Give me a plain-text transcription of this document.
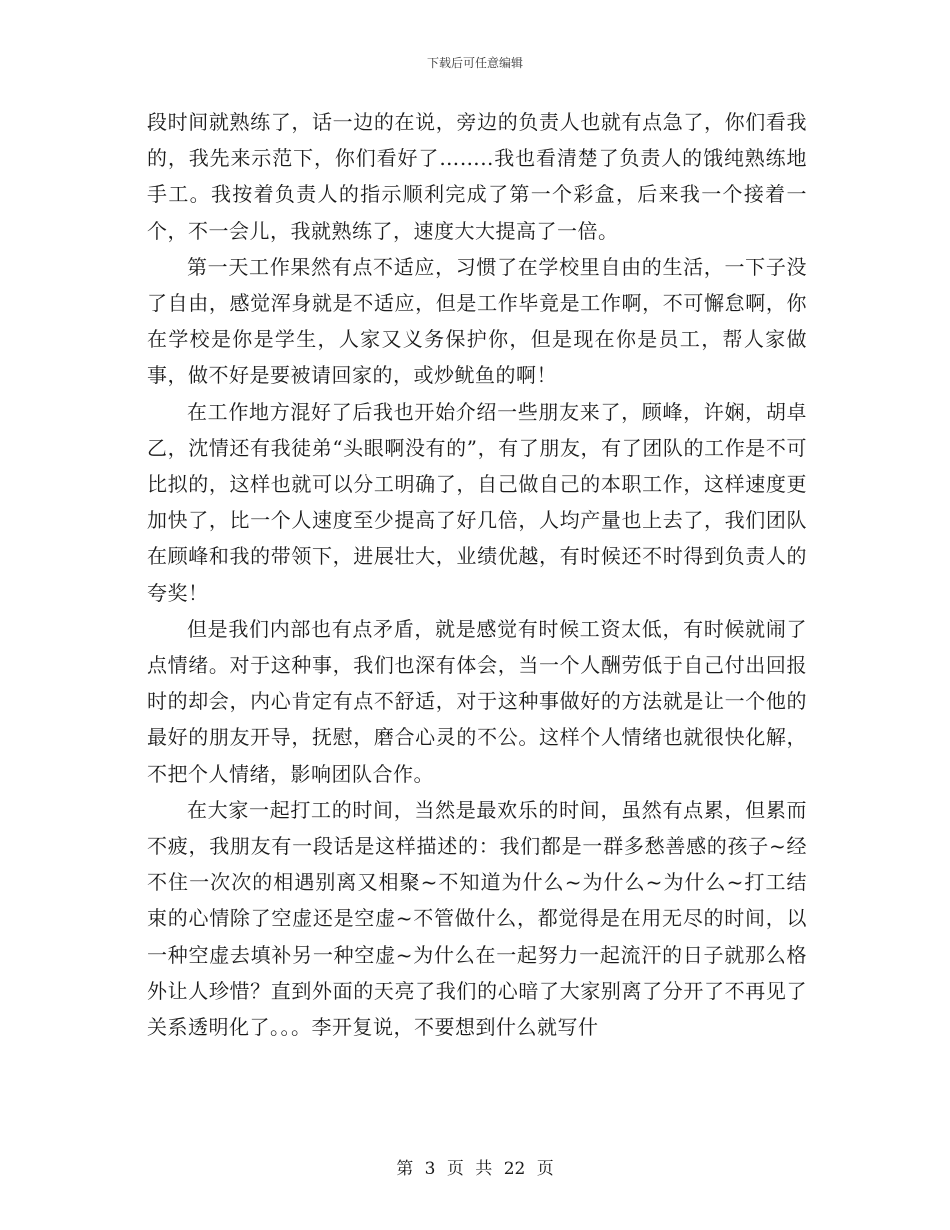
下载后可任意编辑

段时间就熟练了，话一边的在说，旁边的负责人也就有点急了，你们看我的，我先来示范下，你们看好了……..我也看清楚了负责人的饿纯熟练地手工。我按着负责人的指示顺利完成了第一个彩盒，后来我一个接着一个，不一会儿，我就熟练了，速度大大提高了一倍。

第一天工作果然有点不适应，习惯了在学校里自由的生活，一下子没了自由，感觉浑身就是不适应，但是工作毕竟是工作啊，不可懈怠啊，你在学校是你是学生，人家又义务保护你，但是现在你是员工，帮人家做事，做不好是要被请回家的，或炒鱿鱼的啊！

在工作地方混好了后我也开始介绍一些朋友来了，顾峰，许娴，胡卓乙，沈情还有我徒弟“头眼啊没有的”，有了朋友，有了团队的工作是不可比拟的，这样也就可以分工明确了，自己做自己的本职工作，这样速度更加快了，比一个人速度至少提高了好几倍，人均产量也上去了，我们团队在顾峰和我的带领下，进展壮大，业绩优越，有时候还不时得到负责人的夸奖！

但是我们内部也有点矛盾，就是感觉有时候工资太低，有时候就闹了点情绪。对于这种事，我们也深有体会，当一个人酬劳低于自己付出回报时的却会，内心肯定有点不舒适，对于这种事做好的方法就是让一个他的最好的朋友开导，抚慰，磨合心灵的不公。这样个人情绪也就很快化解，不把个人情绪，影响团队合作。

在大家一起打工的时间，当然是最欢乐的时间，虽然有点累，但累而不疲，我朋友有一段话是这样描述的：我们都是一群多愁善感的孩子~经不住一次次的相遇别离又相聚~不知道为什么~为什么~为什么~打工结束的心情除了空虚还是空虚~不管做什么，都觉得是在用无尽的时间，以一种空虚去填补另一种空虚~为什么在一起努力一起流汗的日子就那么格外让人珍惜？直到外面的天亮了我们的心暗了大家别离了分开了不再见了关系透明化了。。。李开复说，不要想到什么就写什

第 3 页 共 22 页
